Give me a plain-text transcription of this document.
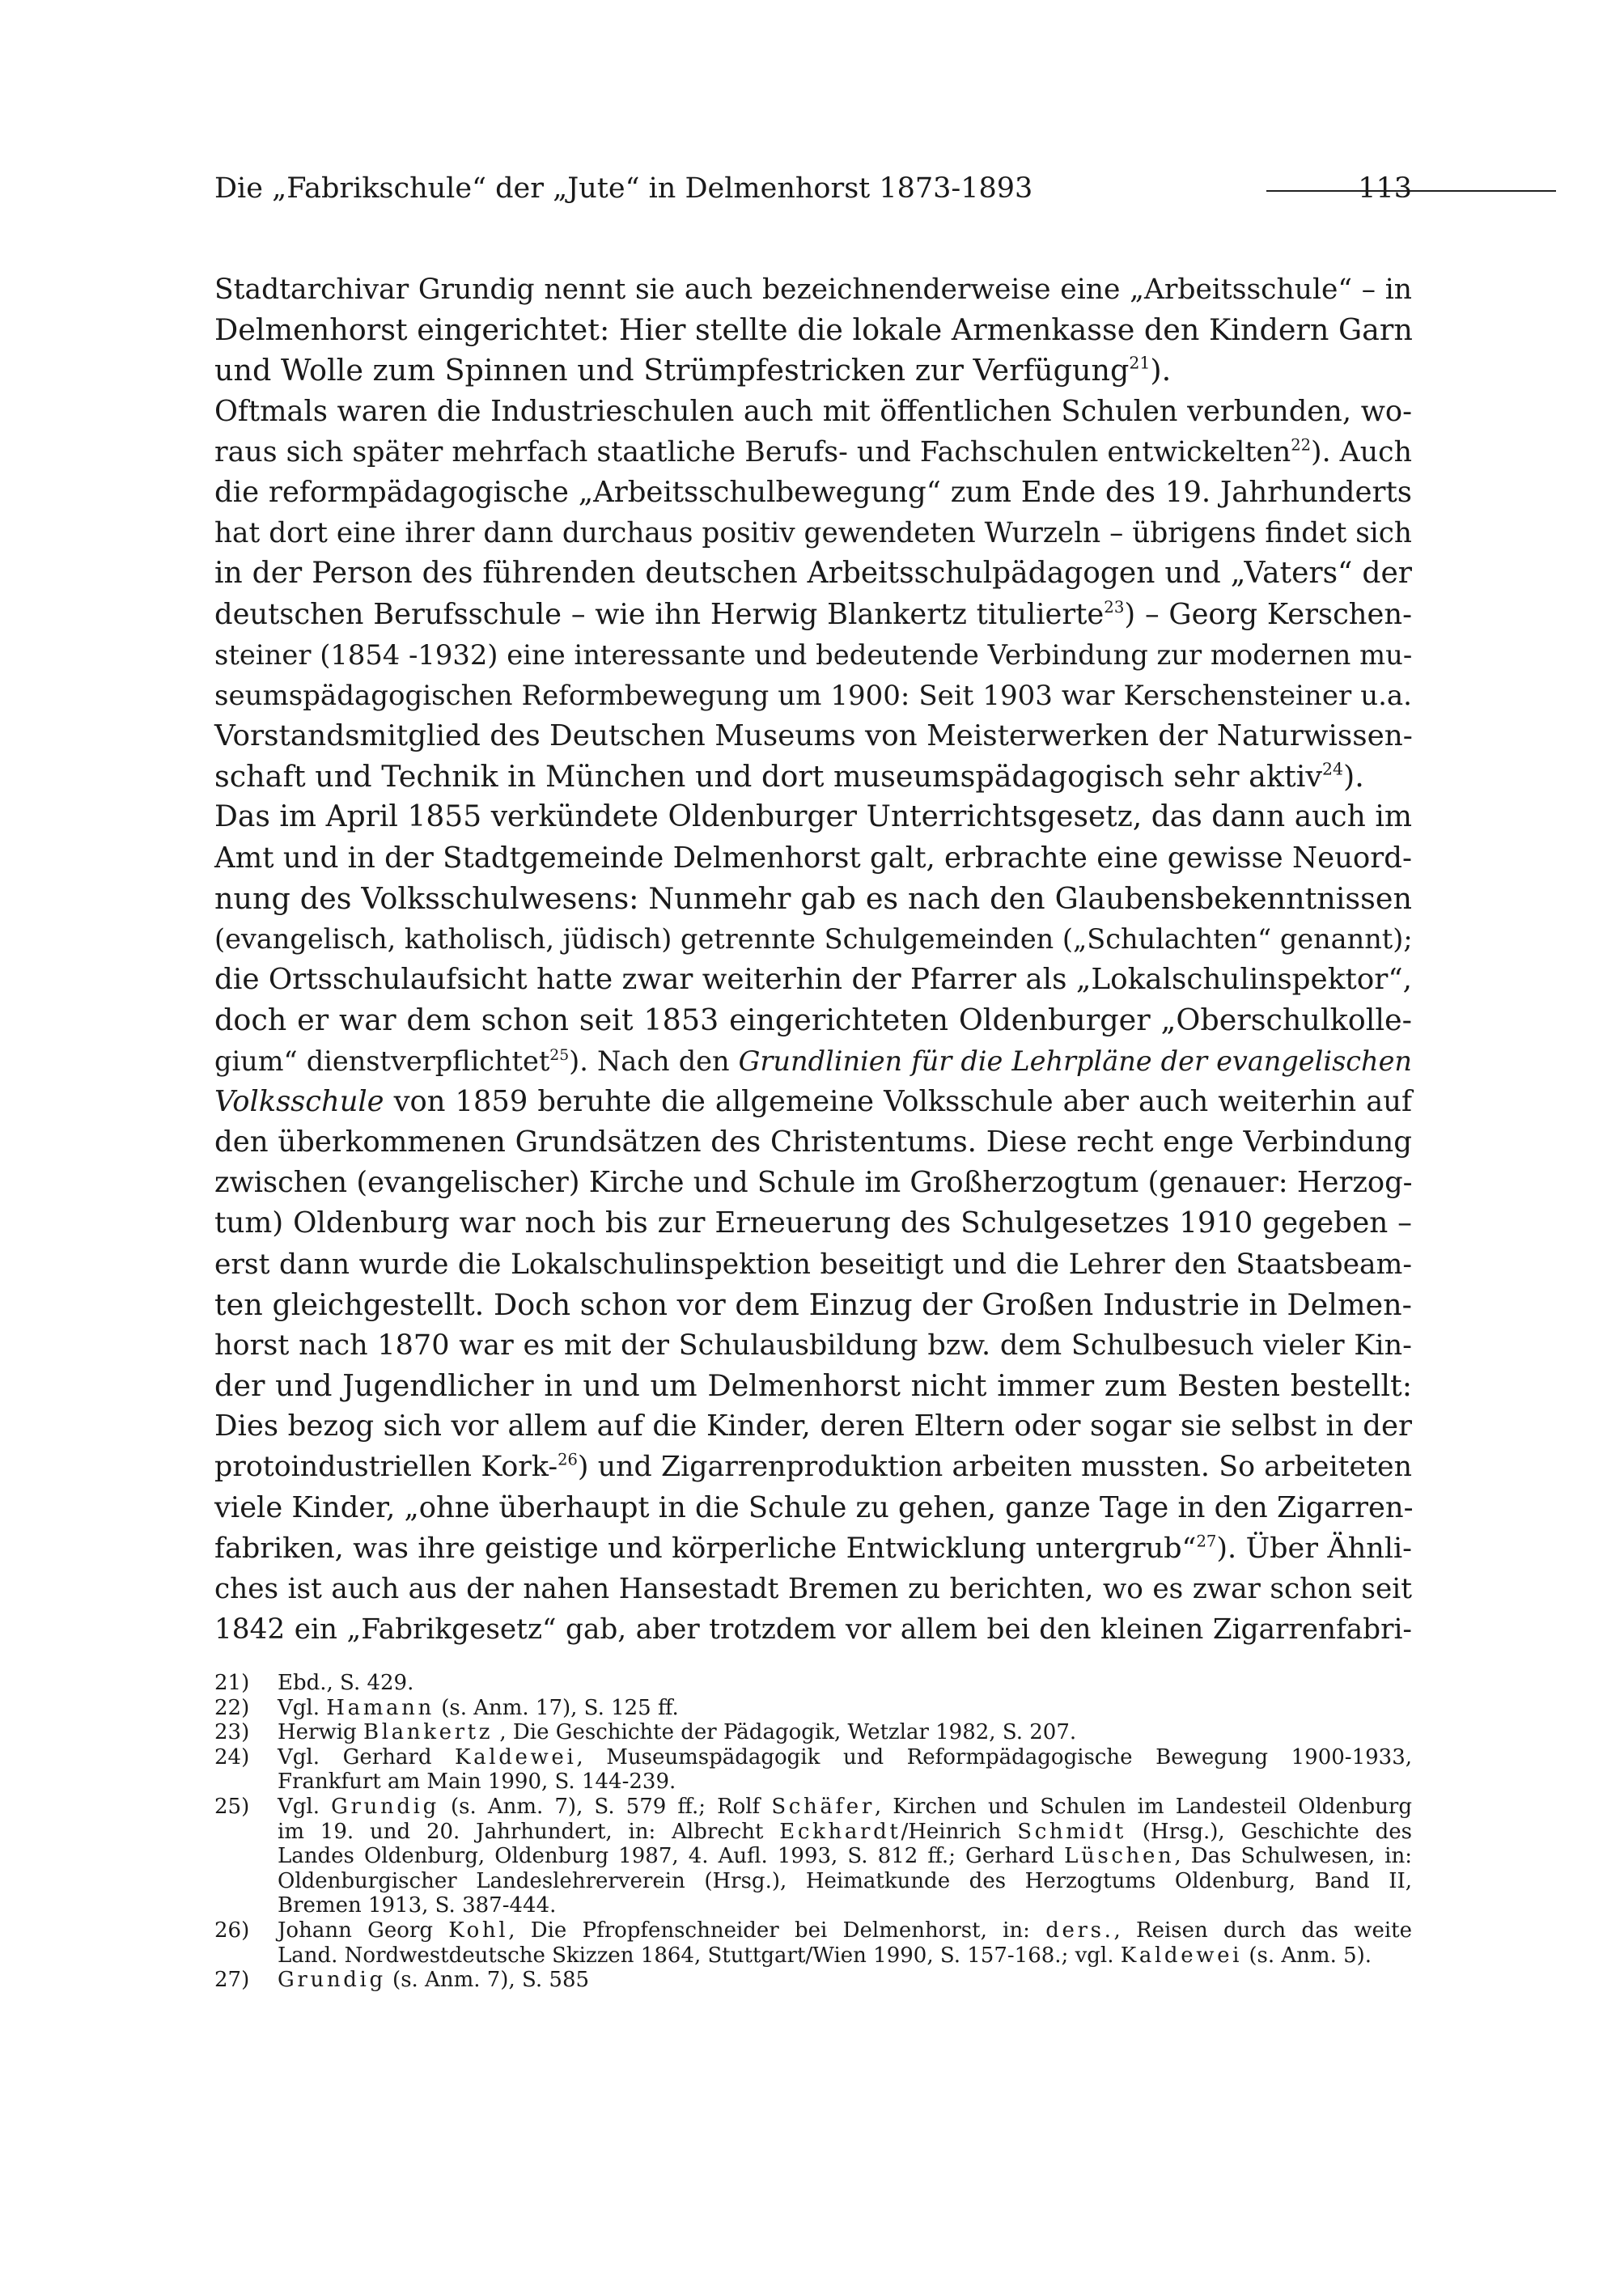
Die „Fabrikschule“ der „Jute“ in Delmenhorst 1873-1893	113
Stadtarchivar Grundig nennt sie auch bezeichnenderweise eine „Arbeitsschule“ – in
Delmenhorst eingerichtet: Hier stellte die lokale Armenkasse den Kindern Garn
und Wolle zum Spinnen und Strümpfestricken zur Verfügung$^{21}$).
Oftmals waren die Industrieschulen auch mit öffentlichen Schulen verbunden, wo-
raus sich später mehrfach staatliche Berufs- und Fachschulen entwickelten$^{22}$). Auch
die reformpädagogische „Arbeitsschulbewegung“ zum Ende des 19. Jahrhunderts
hat dort eine ihrer dann durchaus positiv gewendeten Wurzeln – übrigens findet sich
in der Person des führenden deutschen Arbeitsschulpädagogen und „Vaters“ der
deutschen Berufsschule – wie ihn Herwig Blankertz titulierte$^{23}$) – Georg Kerschen-
steiner (1854 -1932) eine interessante und bedeutende Verbindung zur modernen mu-
seumspädagogischen Reformbewegung um 1900: Seit 1903 war Kerschensteiner u.a.
Vorstandsmitglied des Deutschen Museums von Meisterwerken der Naturwissen-
schaft und Technik in München und dort museumspädagogisch sehr aktiv$^{24}$).
Das im April 1855 verkündete Oldenburger Unterrichtsgesetz, das dann auch im
Amt und in der Stadtgemeinde Delmenhorst galt, erbrachte eine gewisse Neuord-
nung des Volksschulwesens: Nunmehr gab es nach den Glaubensbekenntnissen
(evangelisch, katholisch, jüdisch) getrennte Schulgemeinden („Schulachten“ genannt);
die Ortsschulaufsicht hatte zwar weiterhin der Pfarrer als „Lokalschulinspektor“,
doch er war dem schon seit 1853 eingerichteten Oldenburger „Oberschulkolle-
gium“ dienstverpflichtet$^{25}$). Nach den Grundlinien für die Lehrpläne der evangelischen
Volksschule von 1859 beruhte die allgemeine Volksschule aber auch weiterhin auf
den überkommenen Grundsätzen des Christentums. Diese recht enge Verbindung
zwischen (evangelischer) Kirche und Schule im Großherzogtum (genauer: Herzog-
tum) Oldenburg war noch bis zur Erneuerung des Schulgesetzes 1910 gegeben –
erst dann wurde die Lokalschulinspektion beseitigt und die Lehrer den Staatsbeam-
ten gleichgestellt. Doch schon vor dem Einzug der Großen Industrie in Delmen-
horst nach 1870 war es mit der Schulausbildung bzw. dem Schulbesuch vieler Kin-
der und Jugendlicher in und um Delmenhorst nicht immer zum Besten bestellt:
Dies bezog sich vor allem auf die Kinder, deren Eltern oder sogar sie selbst in der
protoindustriellen Kork-$^{26}$) und Zigarrenproduktion arbeiten mussten. So arbeiteten
viele Kinder, „ohne überhaupt in die Schule zu gehen, ganze Tage in den Zigarren-
fabriken, was ihre geistige und körperliche Entwicklung untergrub“$^{27}$). Über Ähnli-
ches ist auch aus der nahen Hansestadt Bremen zu berichten, wo es zwar schon seit
1842 ein „Fabrikgesetz“ gab, aber trotzdem vor allem bei den kleinen Zigarrenfabri-
21) Ebd., S. 429.
22) Vgl. Hamann (s. Anm. 17), S. 125 ff.
23) Herwig Blankertz , Die Geschichte der Pädagogik, Wetzlar 1982, S. 207.
24) Vgl. Gerhard Kaldewei, Museumspädagogik und Reformpädagogische Bewegung 1900-1933,
Frankfurt am Main 1990, S. 144-239.
25) Vgl. Grundig (s. Anm. 7), S. 579 ff.; Rolf Schäfer, Kirchen und Schulen im Landesteil Oldenburg
im 19. und 20. Jahrhundert, in: Albrecht Eckhardt/Heinrich Schmidt (Hrsg.), Geschichte des
Landes Oldenburg, Oldenburg 1987, 4. Aufl. 1993, S. 812 ff.; Gerhard Lüschen, Das Schulwesen, in:
Oldenburgischer Landeslehrerverein (Hrsg.), Heimatkunde des Herzogtums Oldenburg, Band II,
Bremen 1913, S. 387-444.
26) Johann Georg Kohl, Die Pfropfenschneider bei Delmenhorst, in: ders., Reisen durch das weite
Land. Nordwestdeutsche Skizzen 1864, Stuttgart/Wien 1990, S. 157-168.; vgl. Kaldewei (s. Anm. 5).
27) Grundig (s. Anm. 7), S. 585
